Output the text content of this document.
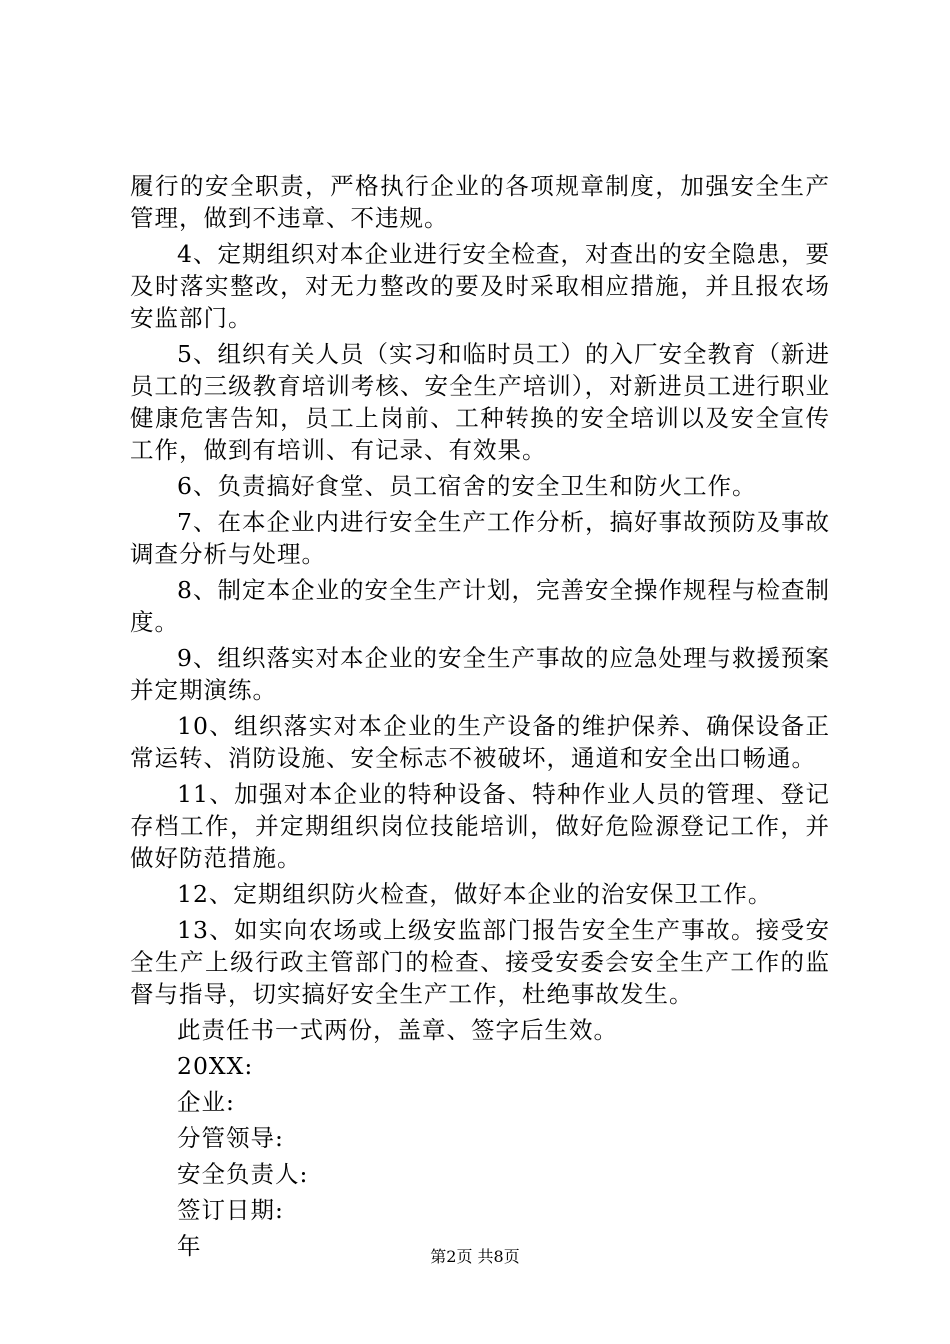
履行的安全职责，严格执行企业的各项规章制度，加强安全生产管理，做到不违章、不违规。

4、定期组织对本企业进行安全检查，对查出的安全隐患，要及时落实整改，对无力整改的要及时采取相应措施，并且报农场安监部门。

5、组织有关人员（实习和临时员工）的入厂安全教育（新进员工的三级教育培训考核、安全生产培训），对新进员工进行职业健康危害告知，员工上岗前、工种转换的安全培训以及安全宣传工作，做到有培训、有记录、有效果。

6、负责搞好食堂、员工宿舍的安全卫生和防火工作。

7、在本企业内进行安全生产工作分析，搞好事故预防及事故调查分析与处理。

8、制定本企业的安全生产计划，完善安全操作规程与检查制度。

9、组织落实对本企业的安全生产事故的应急处理与救援预案并定期演练。

10、组织落实对本企业的生产设备的维护保养、确保设备正常运转、消防设施、安全标志不被破坏，通道和安全出口畅通。

11、加强对本企业的特种设备、特种作业人员的管理、登记存档工作，并定期组织岗位技能培训，做好危险源登记工作，并做好防范措施。

12、定期组织防火检查，做好本企业的治安保卫工作。

13、如实向农场或上级安监部门报告安全生产事故。接受安全生产上级行政主管部门的检查、接受安委会安全生产工作的监督与指导，切实搞好安全生产工作，杜绝事故发生。

此责任书一式两份，盖章、签字后生效。

20XX:
企业:
分管领导:
安全负责人:
签订日期:
年	第2页 共8页
